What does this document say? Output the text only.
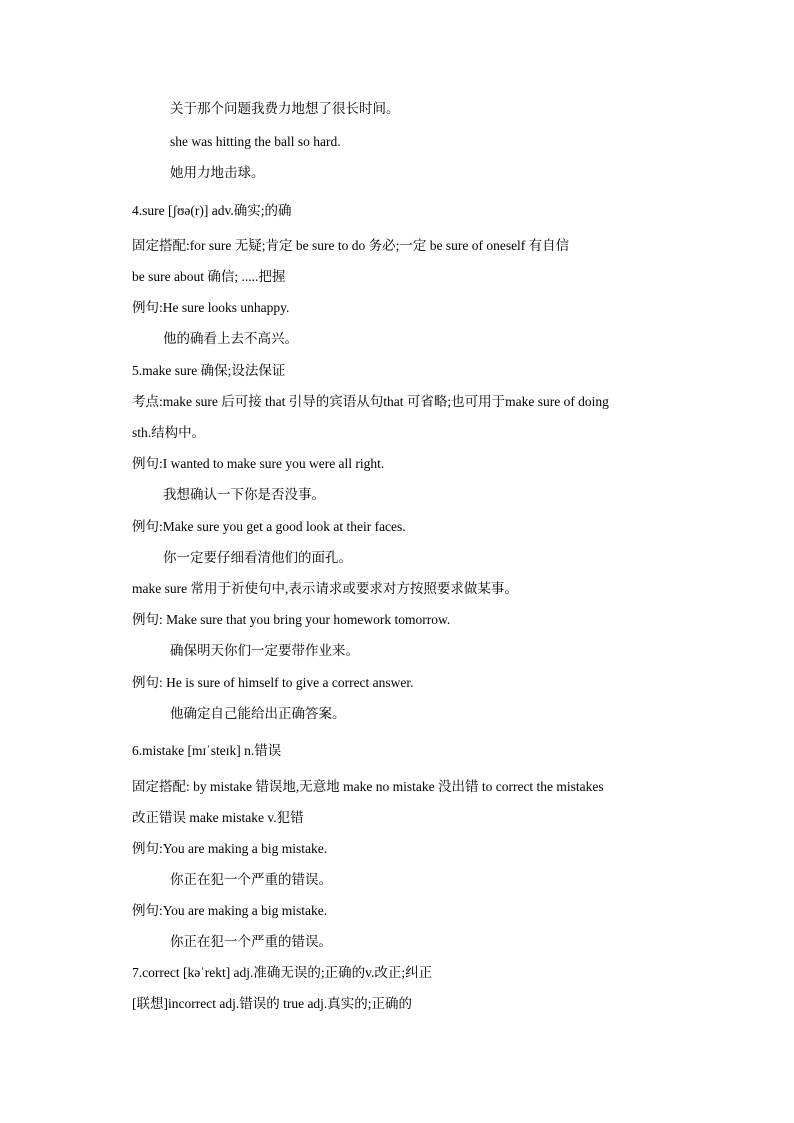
关于那个问题我费力地想了很长时间。
she was hitting the ball so hard.
她用力地击球。
4.sure [ʃʊə(r)] adv.确实;的确
固定搭配:for sure 无疑;肯定 be sure to do 务必;一定 be sure of oneself 有自信
be sure about 确信; .....把握
例句:He sure looks unhappy.
他的确看上去不高兴。
5.make sure 确保;设法保证
考点:make sure 后可接 that 引导的宾语从句that 可省略;也可用于make sure of doing
sth.结构中。
例句:I wanted to make sure you were all right.
我想确认一下你是否没事。
例句:Make sure you get a good look at their faces.
你一定要仔细看清他们的面孔。
make sure 常用于祈使句中,表示请求或要求对方按照要求做某事。
例句: Make sure that you bring your homework tomorrow.
确保明天你们一定要带作业来。
例句: He is sure of himself to give a correct answer.
他确定自己能给出正确答案。
6.mistake [mɪˈsteɪk] n.错误
固定搭配: by mistake 错误地,无意地 make no mistake 没出错 to correct the mistakes
改正错误 make mistake v.犯错
例句:You are making a big mistake.
你正在犯一个严重的错误。
例句:You are making a big mistake.
你正在犯一个严重的错误。
7.correct [kəˈrekt] adj.准确无误的;正确的v.改正;纠正
[联想]incorrect adj.错误的 true adj.真实的;正确的
